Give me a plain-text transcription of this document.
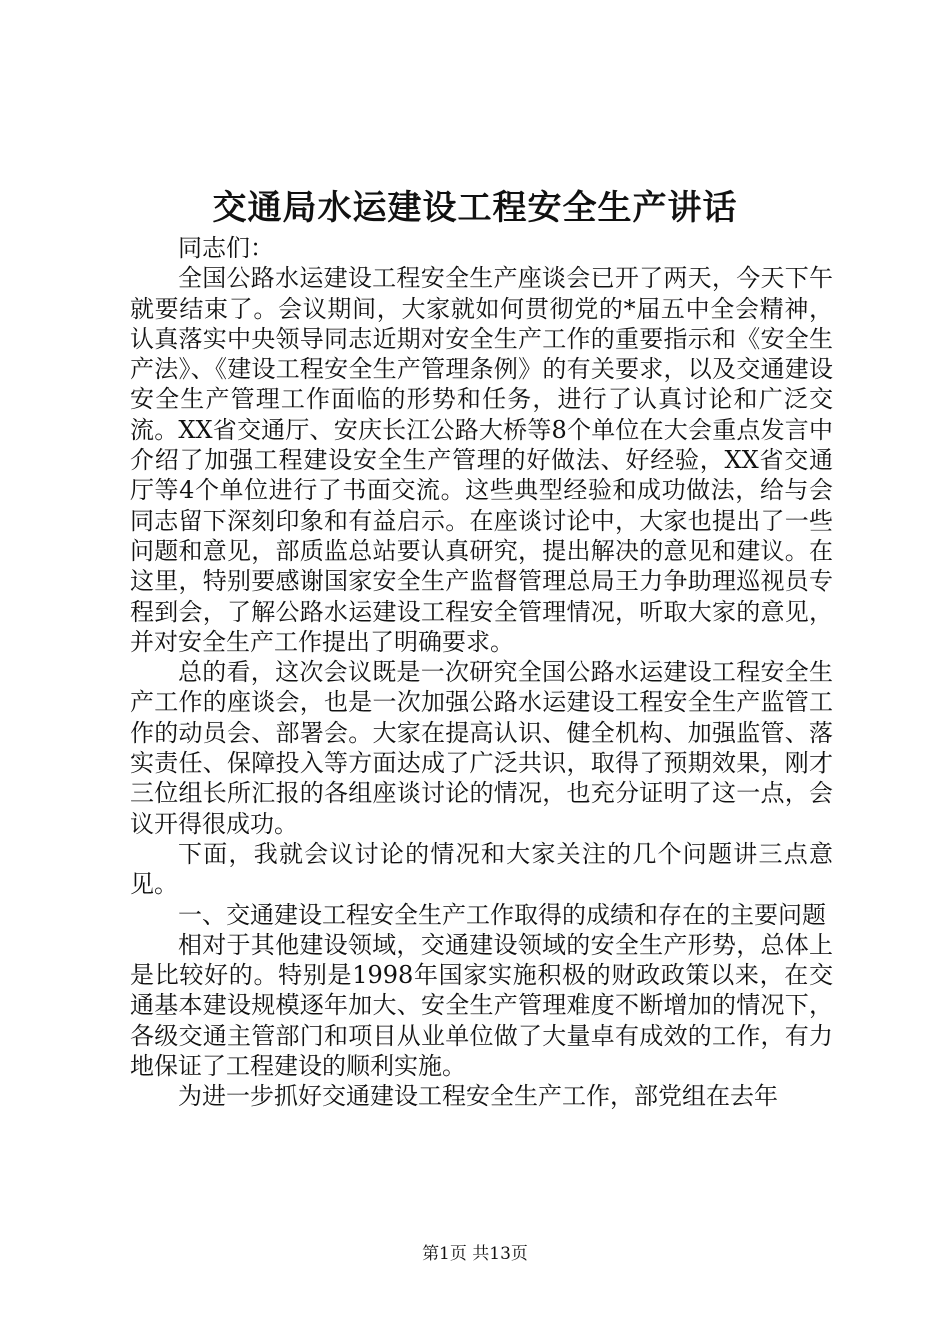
交通局水运建设工程安全生产讲话

同志们：

全国公路水运建设工程安全生产座谈会已开了两天，今天下午就要结束了。会议期间，大家就如何贯彻党的*届五中全会精神，认真落实中央领导同志近期对安全生产工作的重要指示和《安全生产法》、《建设工程安全生产管理条例》的有关要求，以及交通建设安全生产管理工作面临的形势和任务，进行了认真讨论和广泛交流。XX省交通厅、安庆长江公路大桥等8个单位在大会重点发言中介绍了加强工程建设安全生产管理的好做法、好经验，XX省交通厅等4个单位进行了书面交流。这些典型经验和成功做法，给与会同志留下深刻印象和有益启示。在座谈讨论中，大家也提出了一些问题和意见，部质监总站要认真研究，提出解决的意见和建议。在这里，特别要感谢国家安全生产监督管理总局王力争助理巡视员专程到会，了解公路水运建设工程安全管理情况，听取大家的意见，并对安全生产工作提出了明确要求。

总的看，这次会议既是一次研究全国公路水运建设工程安全生产工作的座谈会，也是一次加强公路水运建设工程安全生产监管工作的动员会、部署会。大家在提高认识、健全机构、加强监管、落实责任、保障投入等方面达成了广泛共识，取得了预期效果，刚才三位组长所汇报的各组座谈讨论的情况，也充分证明了这一点，会议开得很成功。

下面，我就会议讨论的情况和大家关注的几个问题讲三点意见。

一、交通建设工程安全生产工作取得的成绩和存在的主要问题

相对于其他建设领域，交通建设领域的安全生产形势，总体上是比较好的。特别是1998年国家实施积极的财政政策以来，在交通基本建设规模逐年加大、安全生产管理难度不断增加的情况下，各级交通主管部门和项目从业单位做了大量卓有成效的工作，有力地保证了工程建设的顺利实施。

为进一步抓好交通建设工程安全生产工作，部党组在去年

第1页 共13页
